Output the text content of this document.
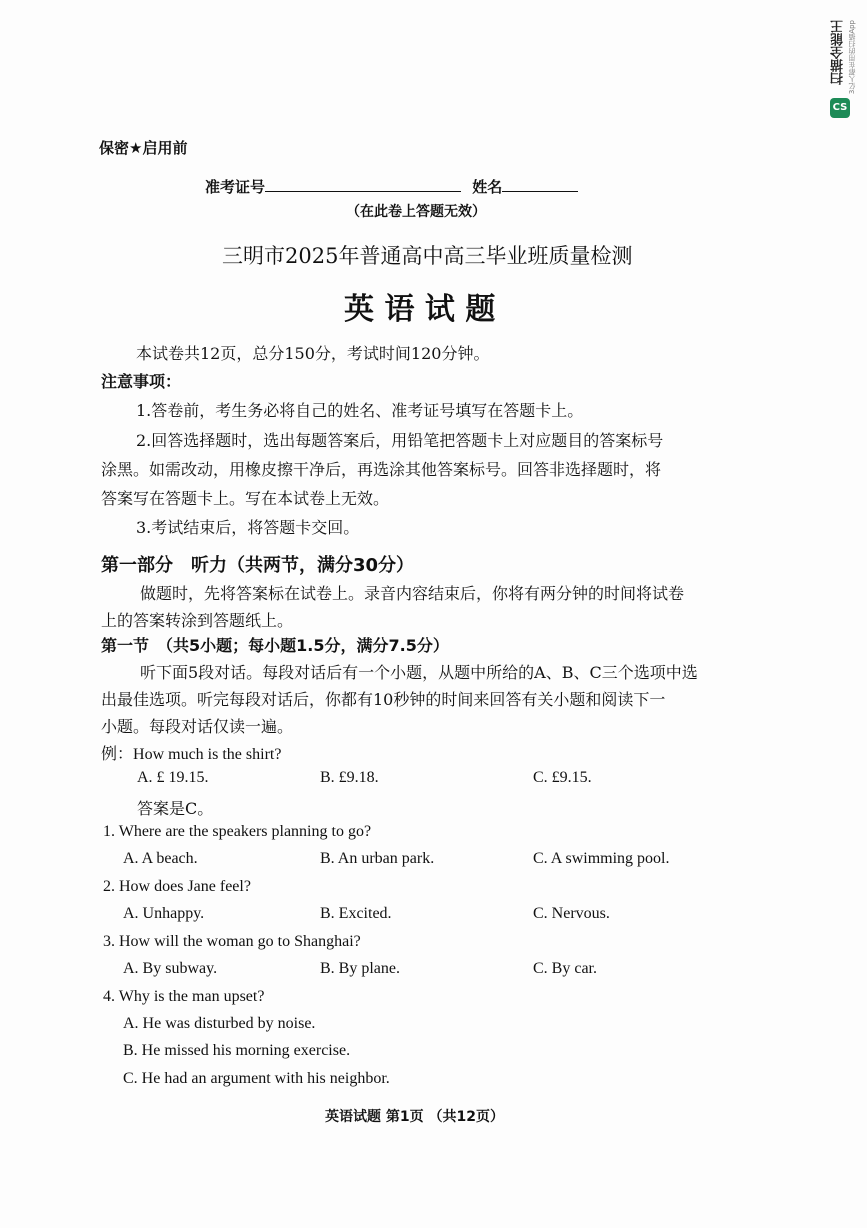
扫描全能王 3亿人都在用的扫描App
CS
保密★启用前
准考证号	姓名
（在此卷上答题无效）
三明市2025年普通高中高三毕业班质量检测
英 语 试 题
本试卷共12页，总分150分，考试时间120分钟。
注意事项：
1.答卷前，考生务必将自己的姓名、准考证号填写在答题卡上。
2.回答选择题时，选出每题答案后，用铅笔把答题卡上对应题目的答案标号
涂黑。如需改动，用橡皮擦干净后，再选涂其他答案标号。回答非选择题时，将
答案写在答题卡上。写在本试卷上无效。
3.考试结束后，将答题卡交回。
第一部分　听力（共两节，满分30分）
做题时，先将答案标在试卷上。录音内容结束后，你将有两分钟的时间将试卷
上的答案转涂到答题纸上。
第一节　（共5小题；每小题1.5分，满分7.5分）
听下面5段对话。每段对话后有一个小题，从题中所给的A、B、C三个选项中选
出最佳选项。听完每段对话后，你都有10秒钟的时间来回答有关小题和阅读下一
小题。每段对话仅读一遍。
例：How much is the shirt?
A. £ 19.15.	B. £9.18.	C. £9.15.
答案是C。
1. Where are the speakers planning to go?
A. A beach.	B. An urban park.	C. A swimming pool.
2. How does Jane feel?
A. Unhappy.	B. Excited.	C. Nervous.
3. How will the woman go to Shanghai?
A. By subway.	B. By plane.	C. By car.
4. Why is the man upset?
A. He was disturbed by noise.
B. He missed his morning exercise.
C. He had an argument with his neighbor.
英语试题 第1页 （共12页）
